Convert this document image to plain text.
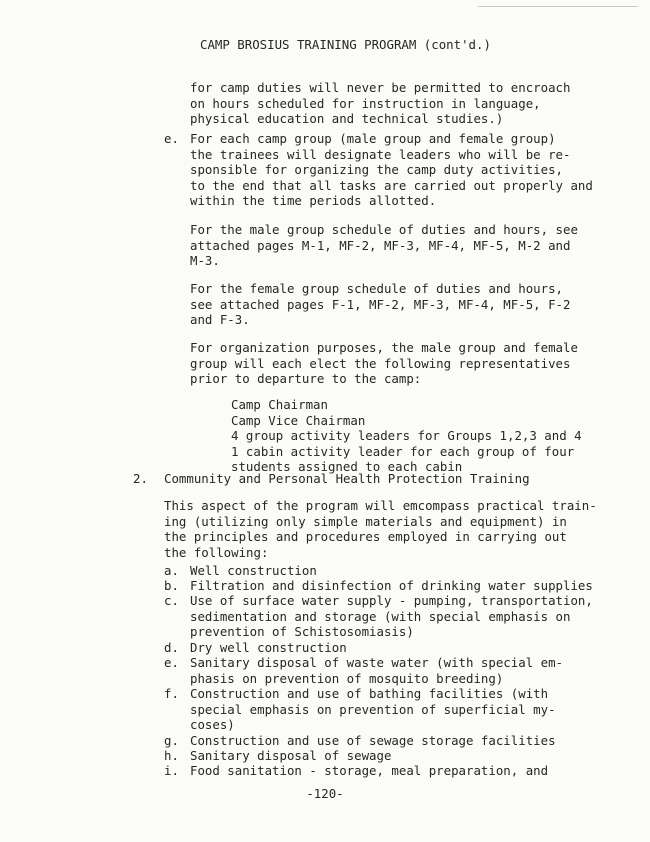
CAMP BROSIUS TRAINING PROGRAM (cont'd.)
for camp duties will never be permitted to encroach
on hours scheduled for instruction in language,
physical education and technical studies.)
e. For each camp group (male group and female group)
the trainees will designate leaders who will be re-
sponsible for organizing the camp duty activities,
to the end that all tasks are carried out properly and
within the time periods allotted.
For the male group schedule of duties and hours, see
attached pages M-1, MF-2, MF-3, MF-4, MF-5, M-2 and
M-3.
For the female group schedule of duties and hours,
see attached pages F-1, MF-2, MF-3, MF-4, MF-5, F-2
and F-3.
For organization purposes, the male group and female
group will each elect the following representatives
prior to departure to the camp:
Camp Chairman
Camp Vice Chairman
4 group activity leaders for Groups 1,2,3 and 4
1 cabin activity leader for each group of four
students assigned to each cabin
2. Community and Personal Health Protection Training
This aspect of the program will emcompass practical train-
ing (utilizing only simple materials and equipment) in
the principles and procedures employed in carrying out
the following:
a. Well construction
b. Filtration and disinfection of drinking water supplies
c. Use of surface water supply - pumping, transportation,
sedimentation and storage (with special emphasis on
prevention of Schistosomiasis)
d. Dry well construction
e. Sanitary disposal of waste water (with special em-
phasis on prevention of mosquito breeding)
f. Construction and use of bathing facilities (with
special emphasis on prevention of superficial my-
coses)
g. Construction and use of sewage storage facilities
h. Sanitary disposal of sewage
i. Food sanitation - storage, meal preparation, and
-120-
